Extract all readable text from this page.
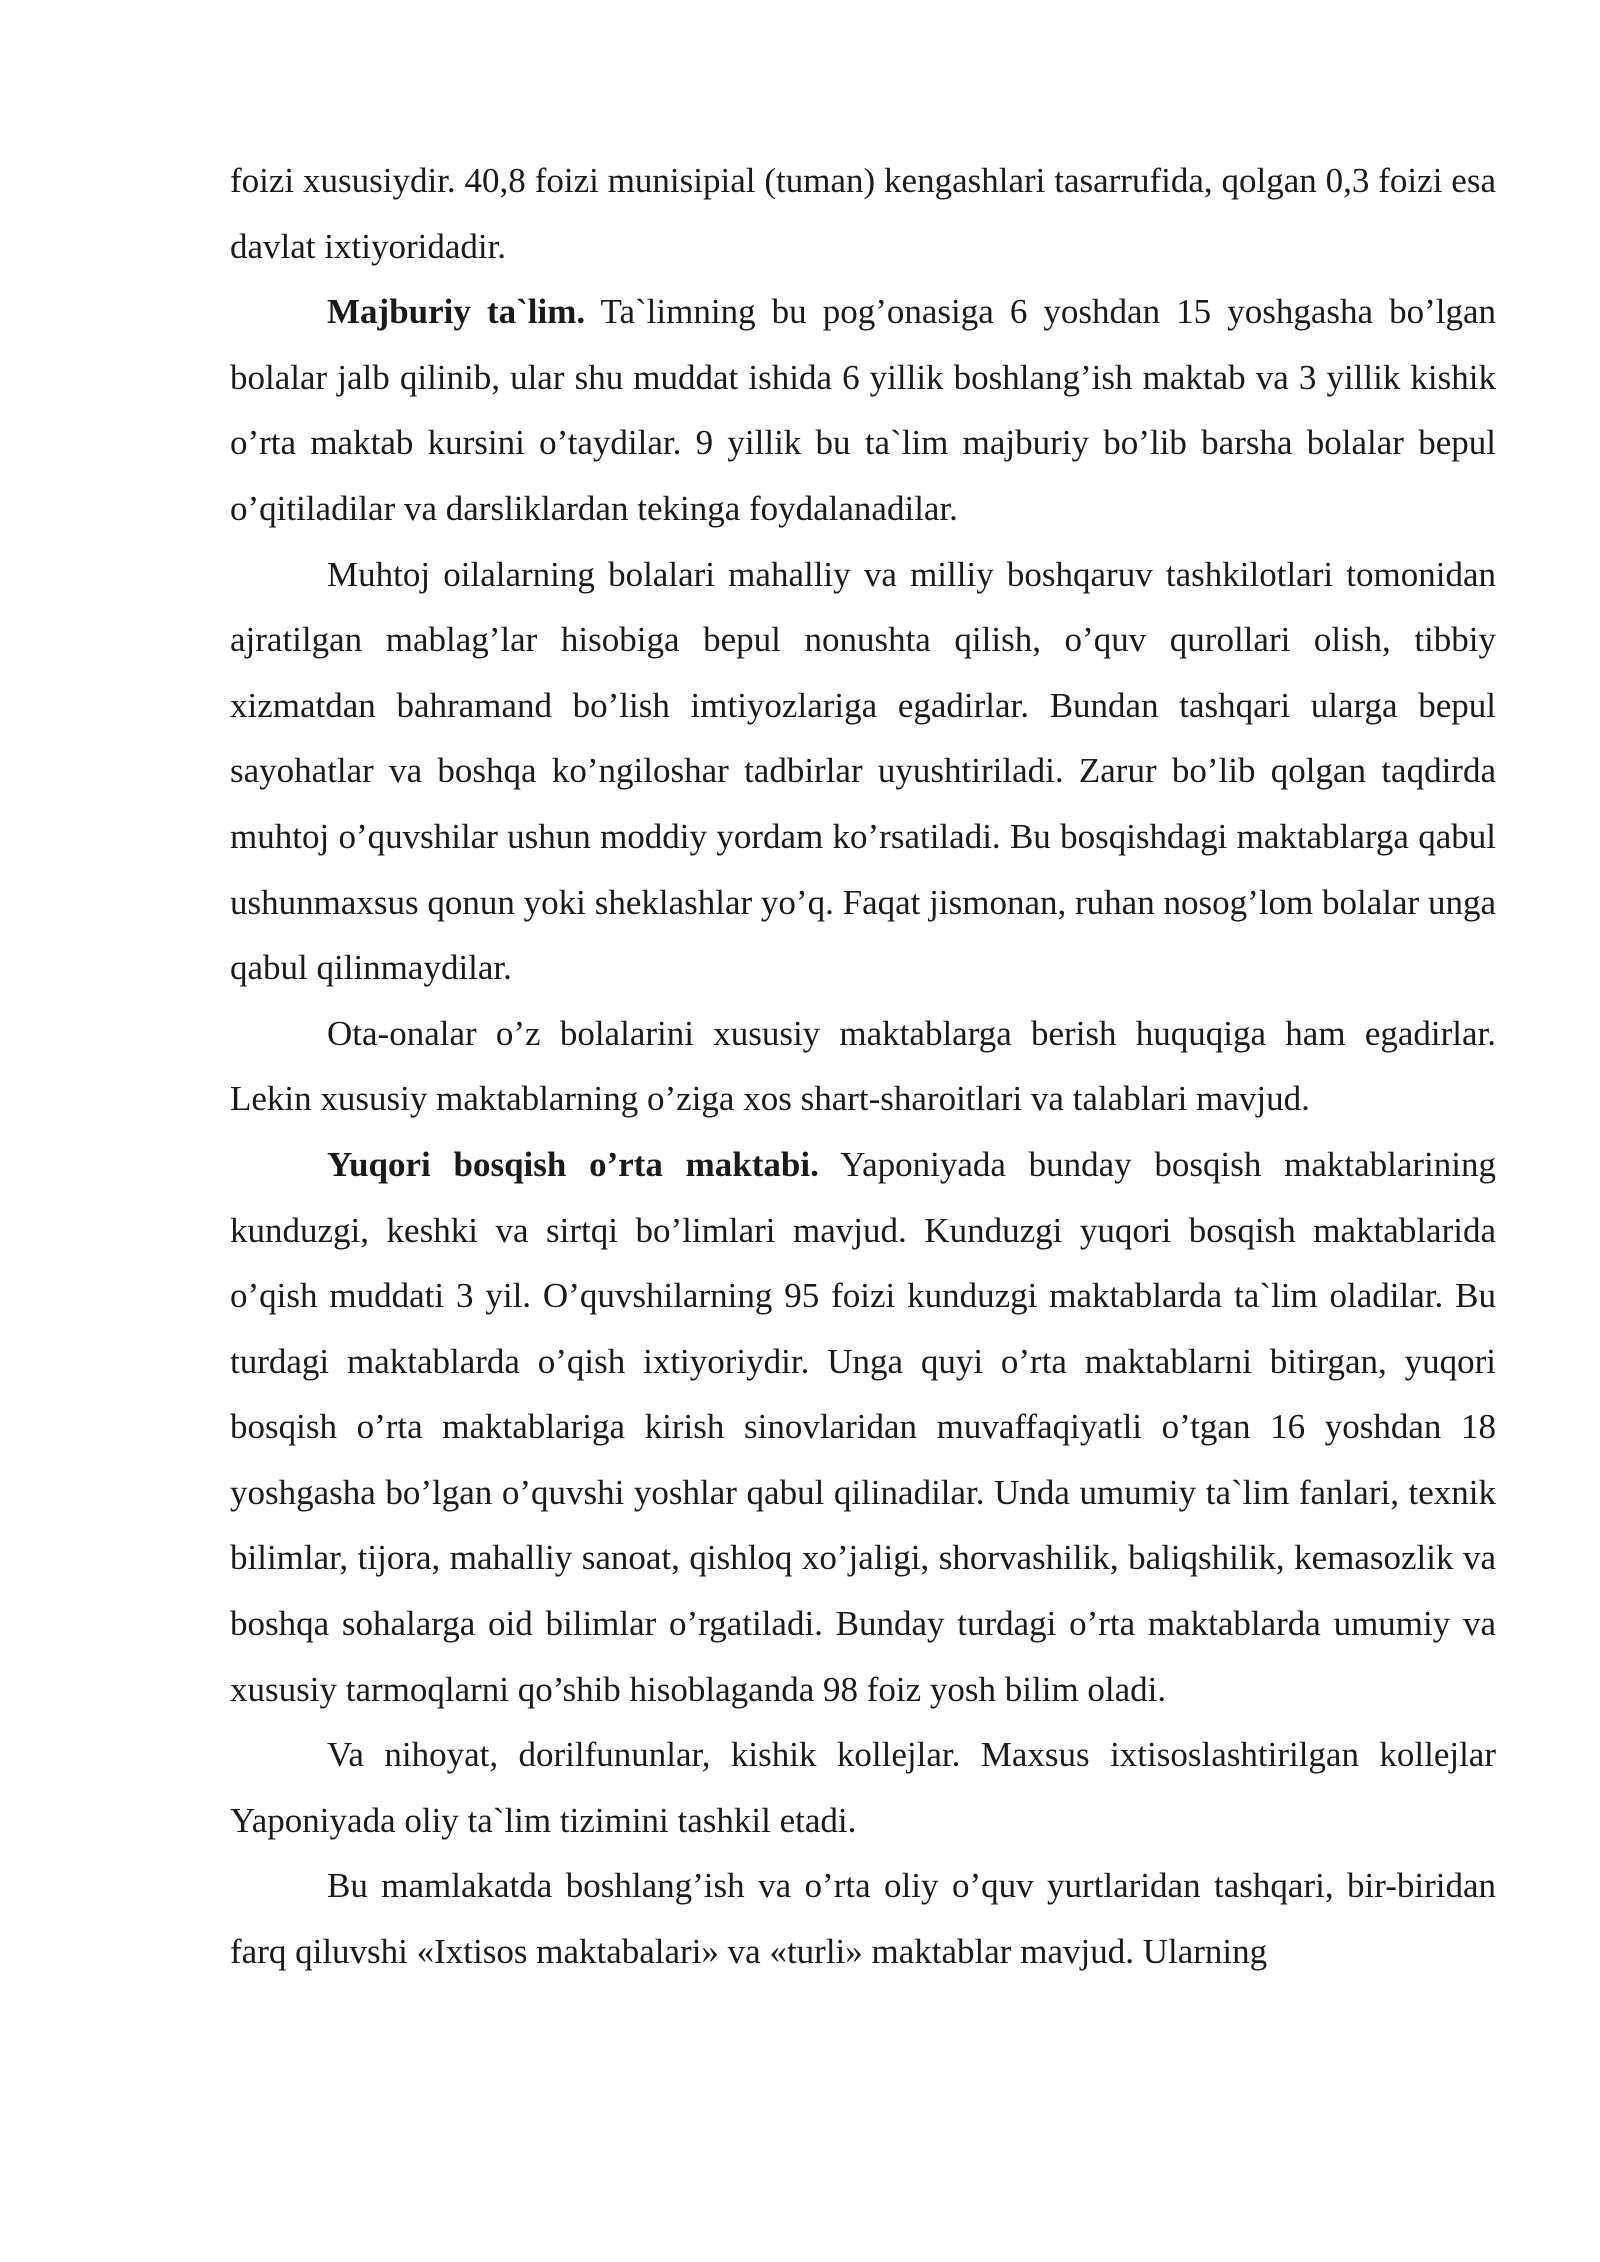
foizi xususiydir. 40,8 foizi munisipial (tuman) kengashlari tasarrufida, qolgan 0,3 foizi esa davlat ixtiyoridadir.

Majburiy ta`lim. Ta`limning bu pog’onasiga 6 yoshdan 15 yoshgasha bo’lgan bolalar jalb qilinib, ular shu muddat ishida 6 yillik boshlang’ish maktab va 3 yillik kishik o’rta maktab kursini o’taydilar. 9 yillik bu ta`lim majburiy bo’lib barsha bolalar bepul o’qitiladilar va darsliklardan tekinga foydalanadilar.

Muhtoj oilalarning bolalari mahalliy va milliy boshqaruv tashkilotlari tomonidan ajratilgan mablag’lar hisobiga bepul nonushta qilish, o’quv qurollari olish, tibbiy xizmatdan bahramand bo’lish imtiyozlariga egadirlar. Bundan tashqari ularga bepul sayohatlar va boshqa ko’ngiloshar tadbirlar uyushtiriladi. Zarur bo’lib qolgan taqdirda muhtoj o’quvshilar ushun moddiy yordam ko’rsatiladi. Bu bosqishdagi maktablarga qabul ushunmaxsus qonun yoki sheklashlar yo’q. Faqat jismonan, ruhan nosog’lom bolalar unga qabul qilinmaydilar.

Ota-onalar o’z bolalarini xususiy maktablarga berish huquqiga ham egadirlar. Lekin xususiy maktablarning o’ziga xos shart-sharoitlari va talablari mavjud.

Yuqori bosqish o’rta maktabi. Yaponiyada bunday bosqish maktablarining kunduzgi, keshki va sirtqi bo’limlari mavjud. Kunduzgi yuqori bosqish maktablarida o’qish muddati 3 yil. O’quvshilarning 95 foizi kunduzgi maktablarda ta`lim oladilar. Bu turdagi maktablarda o’qish ixtiyoriydir. Unga quyi o’rta maktablarni bitirgan, yuqori bosqish o’rta maktablariga kirish sinovlaridan muvaffaqiyatli o’tgan 16 yoshdan 18 yoshgasha bo’lgan o’quvshi yoshlar qabul qilinadilar. Unda umumiy ta`lim fanlari, texnik bilimlar, tijora, mahalliy sanoat, qishloq xo’jaligi, shorvashilik, baliqshilik, kemasozlik va boshqa sohalarga oid bilimlar o’rgatiladi. Bunday turdagi o’rta maktablarda umumiy va xususiy tarmoqlarni qo’shib hisoblaganda 98 foiz yosh bilim oladi.

Va nihoyat, dorilfununlar, kishik kollejlar. Maxsus ixtisoslashtirilgan kollejlar Yaponiyada oliy ta`lim tizimini tashkil etadi.

Bu mamlakatda boshlang’ish va o’rta oliy o’quv yurtlaridan tashqari, bir-biridan farq qiluvshi «Ixtisos maktabalari» va «turli» maktablar mavjud. Ularning
